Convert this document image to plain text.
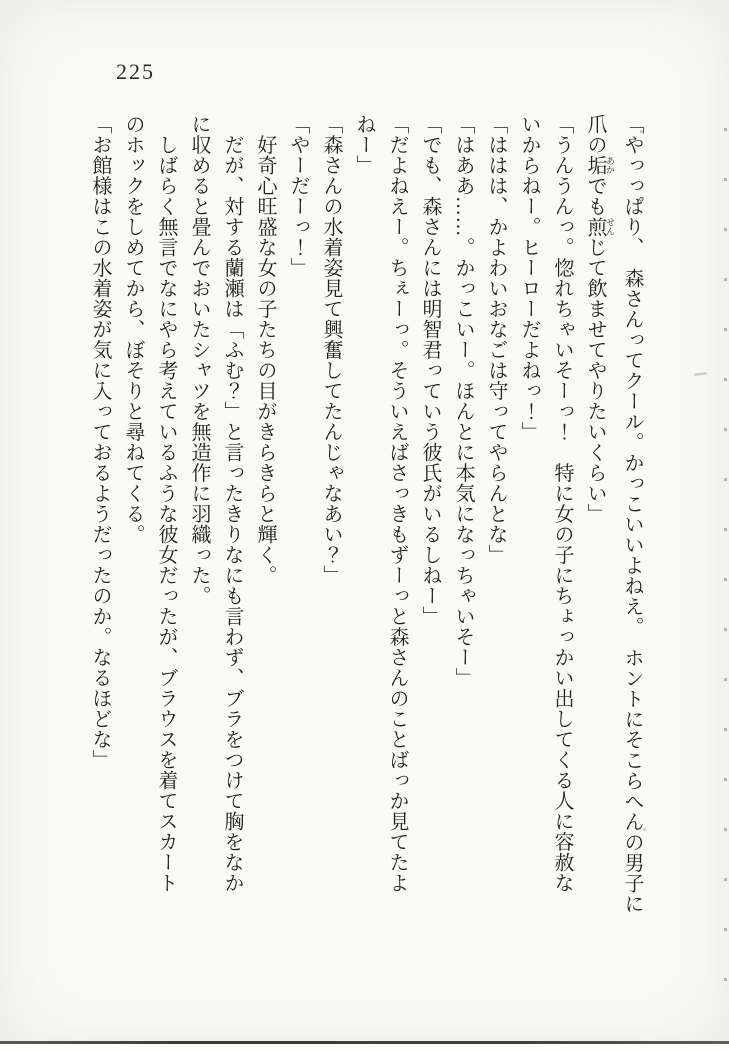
225

「やっっぱり、　森さんってクール。かっこいいよねえ。　ホントにそこらへんの男子に

爪の垢 あかでも煎 せんじて飲ませてやりたいくらい」

「うんうんっ。惚れちゃいそーっ！　特に女の子にちょっかい出してくる人に容赦な

いからねー。ヒーローだよねっ！」

「ははは、かよわいおなごは守ってやらんとな」

「はああ……。かっこいー。ほんとに本気になっちゃいそー」

「でも、森さんには明智君っていう彼氏がいるしねー」

「だよねえー。ちぇーっ。そういえばさっきもずーっと森さんのことばっか見てたよ

ねー」

「森さんの水着姿見て興奮してたんじゃなあい？」

「やーだーっ！」

　好奇心旺盛な女の子たちの目がきらきらと輝く。

　だが、対する蘭瀬は「ふむ？」と言ったきりなにも言わず、ブラをつけて胸をなか

に収めると畳んでおいたシャツを無造作に羽織った。

　しばらく無言でなにやら考えているふうな彼女だったが、ブラウスを着てスカート

のホックをしめてから、ぼそりと尋ねてくる。

「お館様はこの水着姿が気に入っておるようだったのか。なるほどな」
